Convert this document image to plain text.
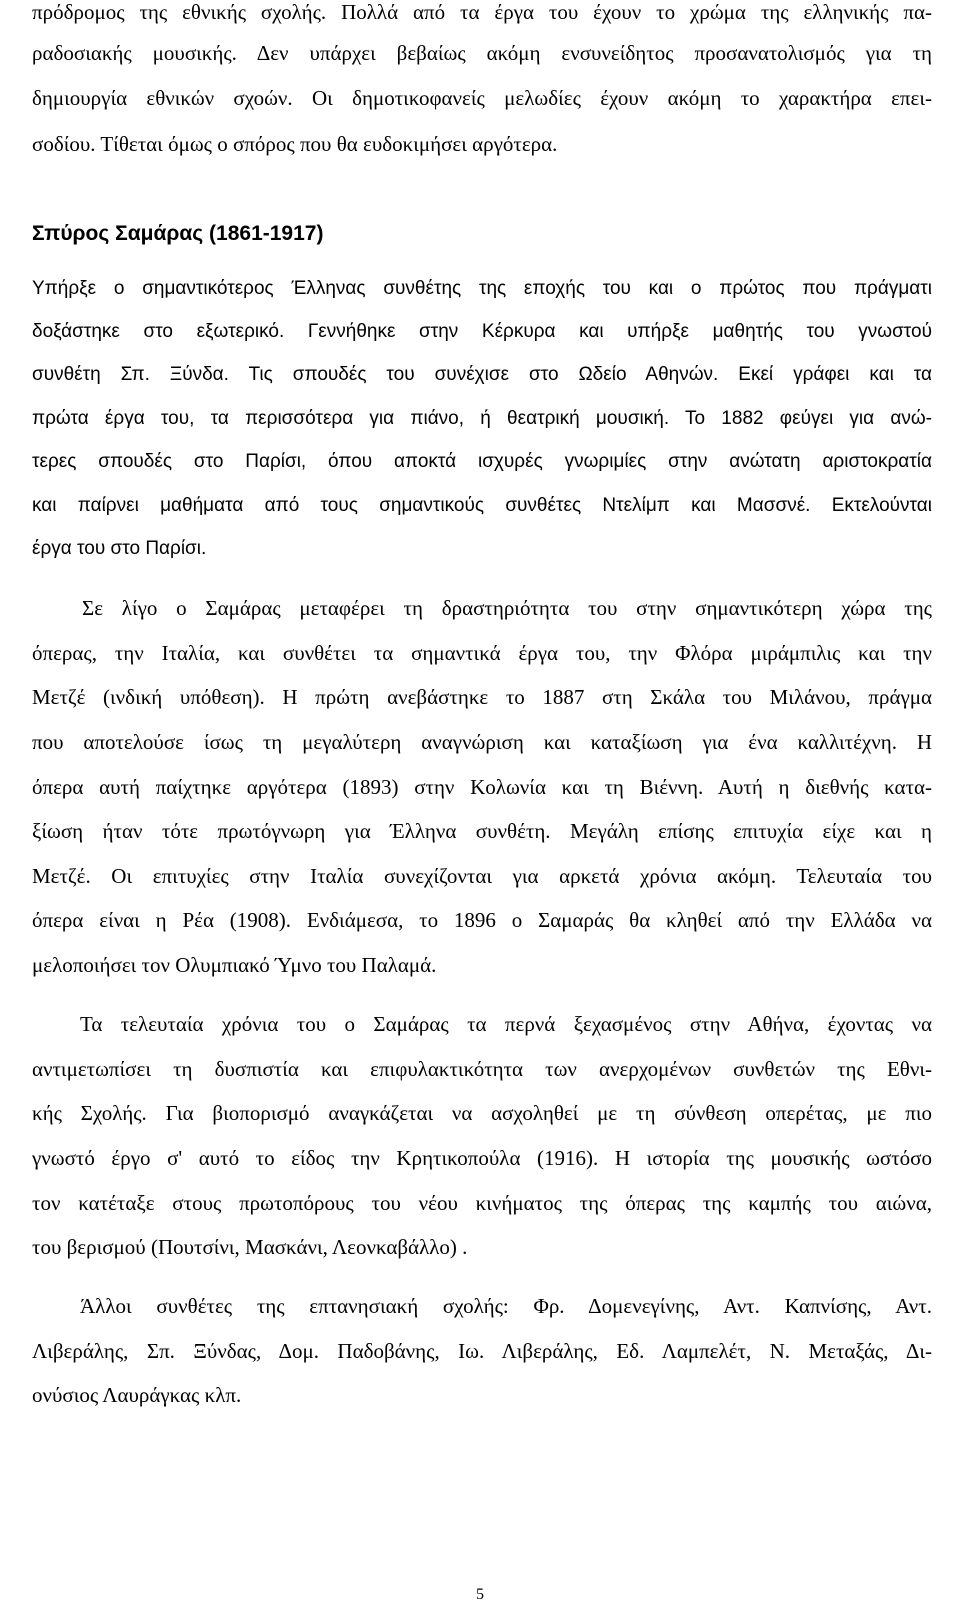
πρόδρομος της εθνικής σχολής. Πολλά από τα έργα του έχουν το χρώμα της ελληνικής πα-
ραδοσιακής μουσικής. Δεν υπάρχει βεβαίως ακόμη ενσυνείδητος προσανατολισμός για τη
δημιουργία εθνικών σχοών. Οι δημοτικοφανείς μελωδίες έχουν ακόμη το χαρακτήρα επει-
σοδίου. Τίθεται όμως ο σπόρος που θα ευδοκιμήσει αργότερα.
Σπύρος Σαμάρας (1861-1917)
Υπήρξε ο σημαντικότερος Έλληνας συνθέτης της εποχής του και ο πρώτος που πράγματι
δοξάστηκε στο εξωτερικό. Γεννήθηκε στην Κέρκυρα και υπήρξε μαθητής του γνωστού
συνθέτη Σπ. Ξύνδα. Τις σπουδές του συνέχισε στο Ωδείο Αθηνών. Εκεί γράφει και τα
πρώτα έργα του, τα περισσότερα για πιάνο, ή θεατρική μουσική. Το 1882 φεύγει για ανώ-
τερες σπουδές στο Παρίσι, όπου αποκτά ισχυρές γνωριμίες στην ανώτατη αριστοκρατία
και παίρνει μαθήματα από τους σημαντικούς συνθέτες Ντελίμπ και Μασσνέ. Εκτελούνται
έργα του στο Παρίσι.
Σε λίγο ο Σαμάρας μεταφέρει τη δραστηριότητα του στην σημαντικότερη χώρα της
όπερας, την Ιταλία, και συνθέτει τα σημαντικά έργα του, την Φλόρα μιράμπιλις και την
Μετζέ (ινδική υπόθεση). Η πρώτη ανεβάστηκε το 1887 στη Σκάλα του Μιλάνου, πράγμα
που αποτελούσε ίσως τη μεγαλύτερη αναγνώριση και καταξίωση για ένα καλλιτέχνη. Η
όπερα αυτή παίχτηκε αργότερα (1893) στην Κολωνία και τη Βιέννη. Αυτή η διεθνής κατα-
ξίωση ήταν τότε πρωτόγνωρη για Έλληνα συνθέτη. Μεγάλη επίσης επιτυχία είχε και η
Μετζέ. Οι επιτυχίες στην Ιταλία συνεχίζονται για αρκετά χρόνια ακόμη. Τελευταία του
όπερα είναι η Ρέα (1908). Ενδιάμεσα, το 1896 ο Σαμαράς θα κληθεί από την Ελλάδα να
μελοποιήσει τον Ολυμπιακό Ύμνο του Παλαμά.
Τα τελευταία χρόνια του ο Σαμάρας τα περνά ξεχασμένος στην Αθήνα, έχοντας να
αντιμετωπίσει τη δυσπιστία και επιφυλακτικότητα των ανερχομένων συνθετών της Εθνι-
κής Σχολής. Για βιοπορισμό αναγκάζεται να ασχοληθεί με τη σύνθεση οπερέτας, με πιο
γνωστό έργο σ' αυτό το είδος την Κρητικοπούλα (1916). Η ιστορία της μουσικής ωστόσο
τον κατέταξε στους πρωτοπόρους του νέου κινήματος της όπερας της καμπής του αιώνα,
του βερισμού (Πουτσίνι, Μασκάνι, Λεονκαβάλλο) .
Άλλοι συνθέτες της επτανησιακή σχολής: Φρ. Δομενεγίνης, Αντ. Καπνίσης, Αντ.
Λιβεράλης, Σπ. Ξύνδας, Δομ. Παδοβάνης, Ιω. Λιβεράλης, Εδ. Λαμπελέτ, Ν. Μεταξάς, Δι-
ονύσιος Λαυράγκας κλπ.
5
